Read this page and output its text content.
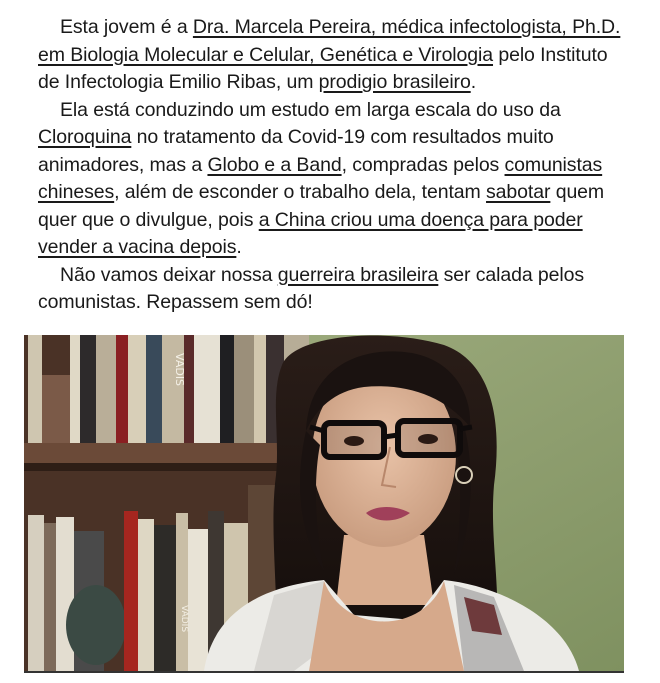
Esta jovem é a Dra. Marcela Pereira, médica infectologista, Ph.D. em Biologia Molecular e Celular, Genética e Virologia pelo Instituto de Infectologia Emilio Ribas, um prodigio brasileiro.

Ela está conduzindo um estudo em larga escala do uso da Cloroquina no tratamento da Covid-19 com resultados muito animadores, mas a Globo e a Band, compradas pelos comunistas chineses, além de esconder o trabalho dela, tentam sabotar quem quer que o divulgue, pois a China criou uma doença para poder vender a vacina depois.

Não vamos deixar nossa guerreira brasileira ser calada pelos comunistas. Repassem sem dó!

VADIS
VADIS
